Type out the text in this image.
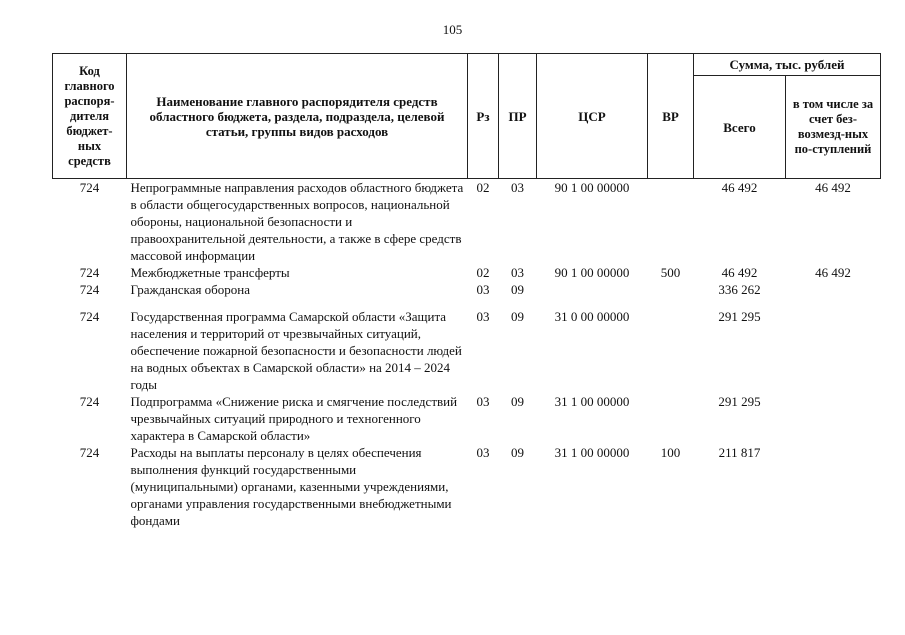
105
Код главного распоря-дителя бюджет-ных средств	Наименование главного распорядителя средств областного бюджета, раздела, подраздела, целевой статьи, группы видов расходов	Рз	ПР	ЦСР	ВР	Сумма, тыс. рублей	
						Всего	в том числе за счет без-возмезд-ных по-ступлений
724	Непрограммные направления расходов областного бюджета в области общегосударственных вопросов, национальной обороны, национальной безопасности и правоохранительной деятельности, а также в сфере средств массовой информации	02	03	90 1 00 00000		46 492	46 492
724	Межбюджетные трансферты	02	03	90 1 00 00000	500	46 492	46 492
724	Гражданская оборона	03	09			336 262	
724	Государственная программа Самарской области «Защита населения и территорий от чрезвычайных ситуаций, обеспечение пожарной безопасности и безопасности людей на водных объектах в Самарской области» на 2014 – 2024 годы	03	09	31 0 00 00000		291 295	
724	Подпрограмма «Снижение риска и смягчение последствий чрезвычайных ситуаций природного и техногенного характера в Самарской области»	03	09	31 1 00 00000		291 295	
724	Расходы на выплаты персоналу в целях обеспечения выполнения функций государственными (муниципальными) органами, казенными учреждениями, органами управления государственными внебюджетными фондами	03	09	31 1 00 00000	100	211 817	
